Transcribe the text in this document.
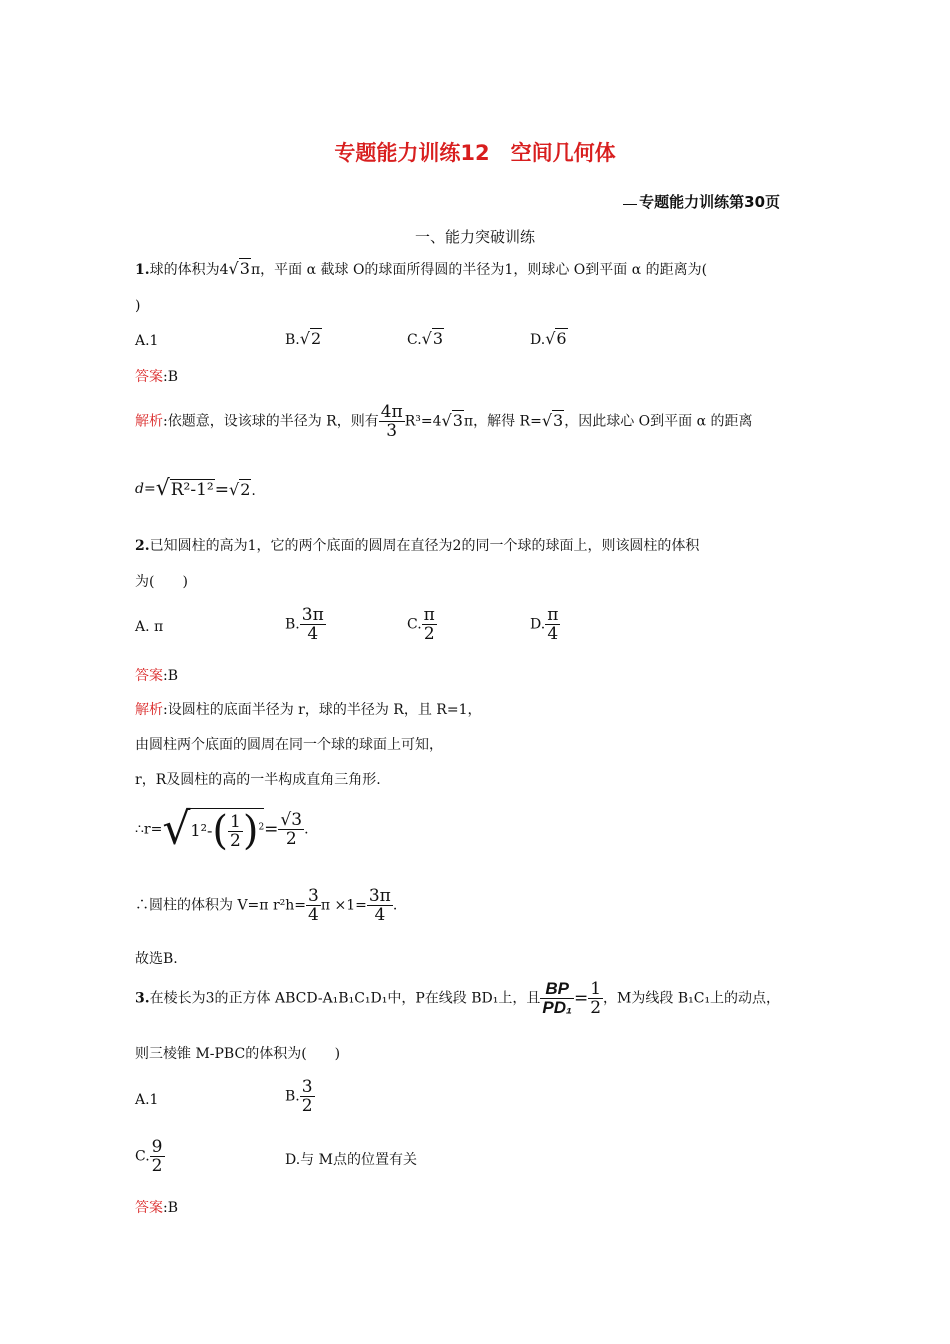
专题能力训练12　空间几何体
专题能力训练第30页
一、能力突破训练
1.球的体积为4√3π，平面 α 截球 O的球面所得圆的半径为1，则球心 O到平面 α 的距离为(
)
A.1	B.√2	C.√3	D.√6
答案:B
解析:依题意，设该球的半径为 R，则有 $\frac{4\pi}{3} R^3=4√3\pi$，解得 R=√3，因此球心 O到平面 α 的距离
d=√R²-1²=√2.
2.已知圆柱的高为1，它的两个底面的圆周在直径为2的同一个球的球面上，则该圆柱的体积
为(　　)
A. π	B. $\frac{3\pi}{4}$	C. $\frac{\pi}{2}$	D. $\frac{\pi}{4}$
答案:B
解析:设圆柱的底面半径为 r，球的半径为 R，且 R=1，
由圆柱两个底面的圆周在同一个球的球面上可知，
r，R及圆柱的高的一半构成直角三角形.
∴r=√1²-( $\frac{1}{2} )^2= \frac{√3}{2}$ .
∴圆柱的体积为 V=π $r^2h= \frac{3}{4}$ $\pi \times 1= \frac{3\pi}{4}$ .
故选B.
3.在棱长为3的正方体 ABCD-A₁B₁C₁D₁中，P在线段 BD₁上，且 $\frac{BP}{\text{PD₁}} = \frac{1}{2}$ ，M为线段 B₁C₁上的动点，
则三棱锥 M-PBC的体积为(　　)
A.1	B. $\frac{3}{2}$
C. $\frac{9}{2}$	D.与 M点的位置有关
答案:B
